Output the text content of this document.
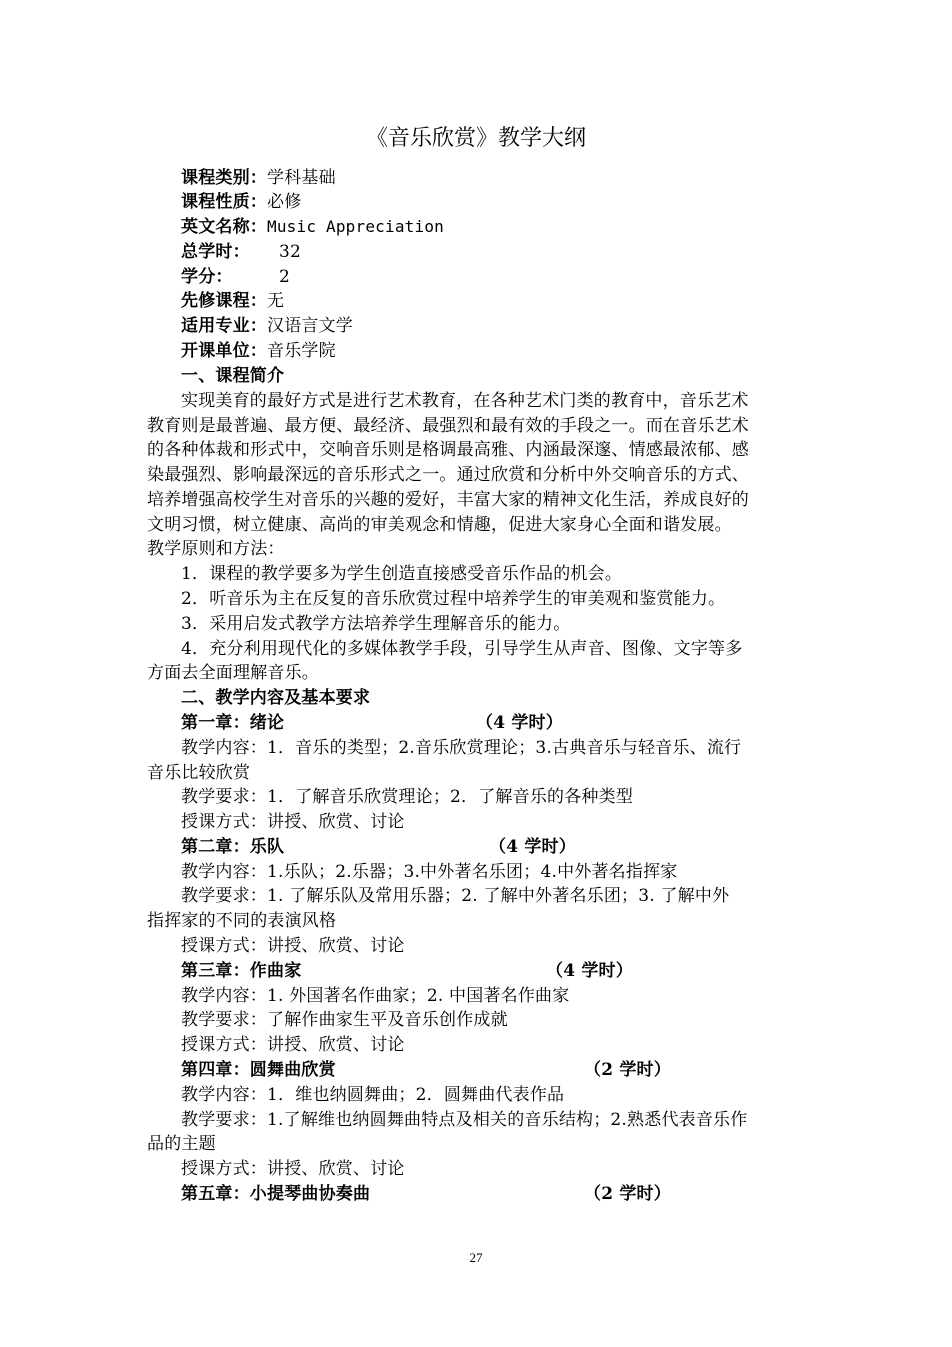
《音乐欣赏》教学大纲
课程类别：学科基础
课程性质：必修
英文名称：Music Appreciation
总学时： 32
学分：	2
先修课程：无
适用专业：汉语言文学
开课单位：音乐学院
一、课程简介
实现美育的最好方式是进行艺术教育，在各种艺术门类的教育中，音乐艺术
教育则是最普遍、最方便、最经济、最强烈和最有效的手段之一。而在音乐艺术
的各种体裁和形式中，交响音乐则是格调最高雅、内涵最深邃、情感最浓郁、感
染最强烈、影响最深远的音乐形式之一。通过欣赏和分析中外交响音乐的方式、
培养增强高校学生对音乐的兴趣的爱好，丰富大家的精神文化生活，养成良好的
文明习惯，树立健康、高尚的审美观念和情趣，促进大家身心全面和谐发展。
教学原则和方法：
1．课程的教学要多为学生创造直接感受音乐作品的机会。
2．听音乐为主在反复的音乐欣赏过程中培养学生的审美观和鉴赏能力。
3．采用启发式教学方法培养学生理解音乐的能力。
4．充分利用现代化的多媒体教学手段，引导学生从声音、图像、文字等多
方面去全面理解音乐。
二、教学内容及基本要求
第一章：绪论	（4 学时）
教学内容：1．音乐的类型；2.音乐欣赏理论；3.古典音乐与轻音乐、流行
音乐比较欣赏
教学要求：1．了解音乐欣赏理论；2．了解音乐的各种类型
授课方式：讲授、欣赏、讨论
第二章：乐队	（4 学时）
教学内容：1.乐队；2.乐器；3.中外著名乐团；4.中外著名指挥家
教学要求：1. 了解乐队及常用乐器；2. 了解中外著名乐团；3. 了解中外
指挥家的不同的表演风格
授课方式：讲授、欣赏、讨论
第三章：作曲家	（4 学时）
教学内容：1. 外国著名作曲家；2. 中国著名作曲家
教学要求：了解作曲家生平及音乐创作成就
授课方式：讲授、欣赏、讨论
第四章：圆舞曲欣赏	（2 学时）
教学内容：1．维也纳圆舞曲；2．圆舞曲代表作品
教学要求：1.了解维也纳圆舞曲特点及相关的音乐结构；2.熟悉代表音乐作
品的主题
授课方式：讲授、欣赏、讨论
第五章：小提琴曲协奏曲	（2 学时）
27
